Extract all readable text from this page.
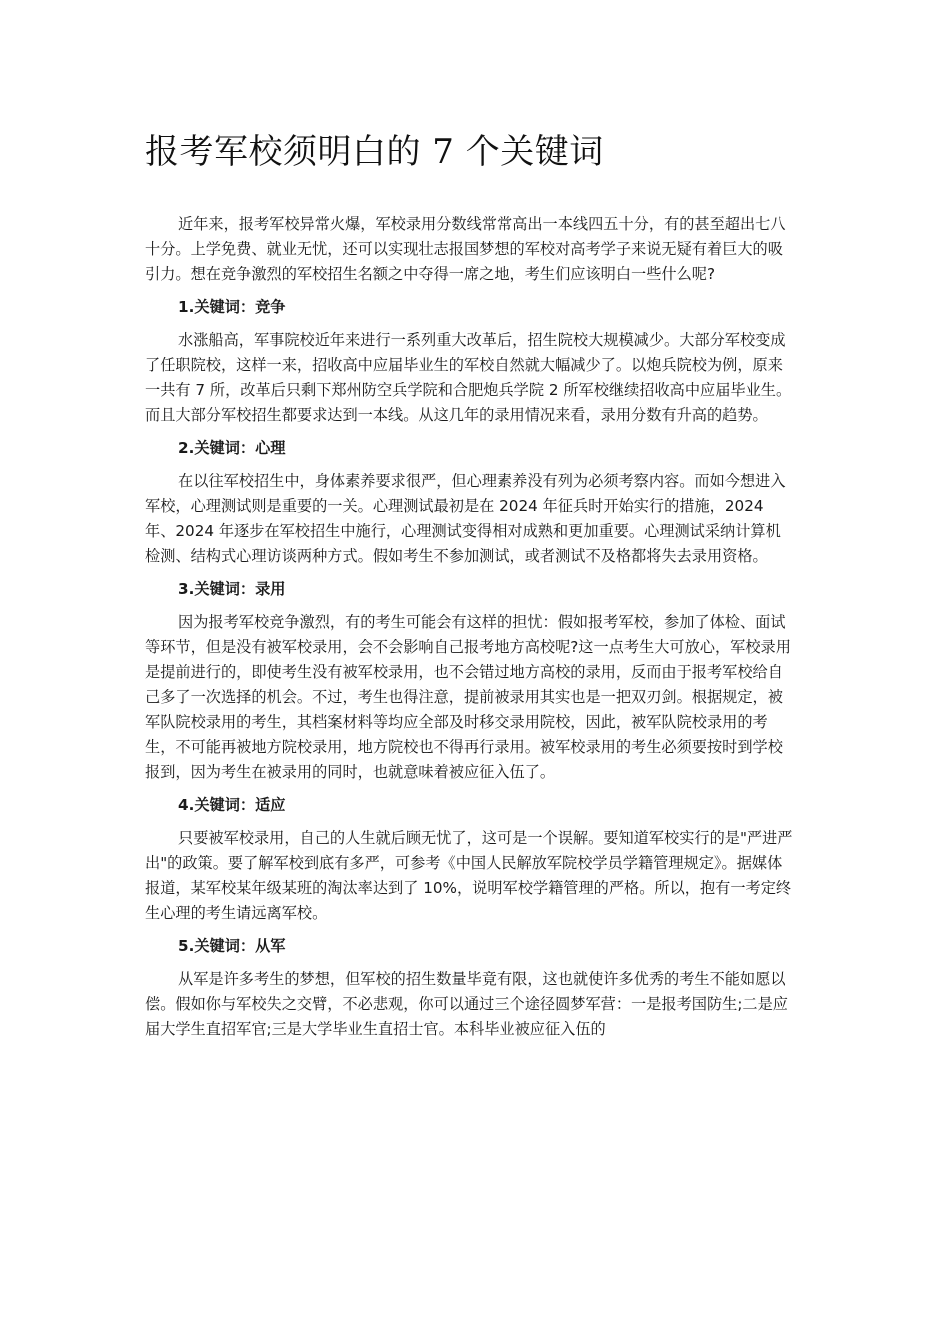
报考军校须明白的 7 个关键词

近年来，报考军校异常火爆，军校录用分数线常常高出一本线四五十分，有的甚至超出七八十分。上学免费、就业无忧，还可以实现壮志报国梦想的军校对高考学子来说无疑有着巨大的吸引力。想在竞争激烈的军校招生名额之中夺得一席之地，考生们应该明白一些什么呢?

1.关键词：竞争

水涨船高，军事院校近年来进行一系列重大改革后，招生院校大规模减少。大部分军校变成了任职院校，这样一来，招收高中应届毕业生的军校自然就大幅减少了。以炮兵院校为例，原来一共有 7 所，改革后只剩下郑州防空兵学院和合肥炮兵学院 2 所军校继续招收高中应届毕业生。而且大部分军校招生都要求达到一本线。从这几年的录用情况来看，录用分数有升高的趋势。

2.关键词：心理

在以往军校招生中，身体素养要求很严，但心理素养没有列为必须考察内容。而如今想进入军校，心理测试则是重要的一关。心理测试最初是在 2024 年征兵时开始实行的措施，2024 年、2024 年逐步在军校招生中施行，心理测试变得相对成熟和更加重要。心理测试采纳计算机检测、结构式心理访谈两种方式。假如考生不参加测试，或者测试不及格都将失去录用资格。

3.关键词：录用

因为报考军校竞争激烈，有的考生可能会有这样的担忧：假如报考军校，参加了体检、面试等环节，但是没有被军校录用，会不会影响自己报考地方高校呢?这一点考生大可放心，军校录用是提前进行的，即使考生没有被军校录用，也不会错过地方高校的录用，反而由于报考军校给自己多了一次选择的机会。不过，考生也得注意，提前被录用其实也是一把双刃剑。根据规定，被军队院校录用的考生，其档案材料等均应全部及时移交录用院校，因此，被军队院校录用的考生，不可能再被地方院校录用，地方院校也不得再行录用。被军校录用的考生必须要按时到学校报到，因为考生在被录用的同时，也就意味着被应征入伍了。

4.关键词：适应

只要被军校录用，自己的人生就后顾无忧了，这可是一个误解。要知道军校实行的是"严进严出"的政策。要了解军校到底有多严，可参考《中国人民解放军院校学员学籍管理规定》。据媒体报道，某军校某年级某班的淘汰率达到了 10%，说明军校学籍管理的严格。所以，抱有一考定终生心理的考生请远离军校。

5.关键词：从军

从军是许多考生的梦想，但军校的招生数量毕竟有限，这也就使许多优秀的考生不能如愿以偿。假如你与军校失之交臂，不必悲观，你可以通过三个途径圆梦军营：一是报考国防生;二是应届大学生直招军官;三是大学毕业生直招士官。本科毕业被应征入伍的
